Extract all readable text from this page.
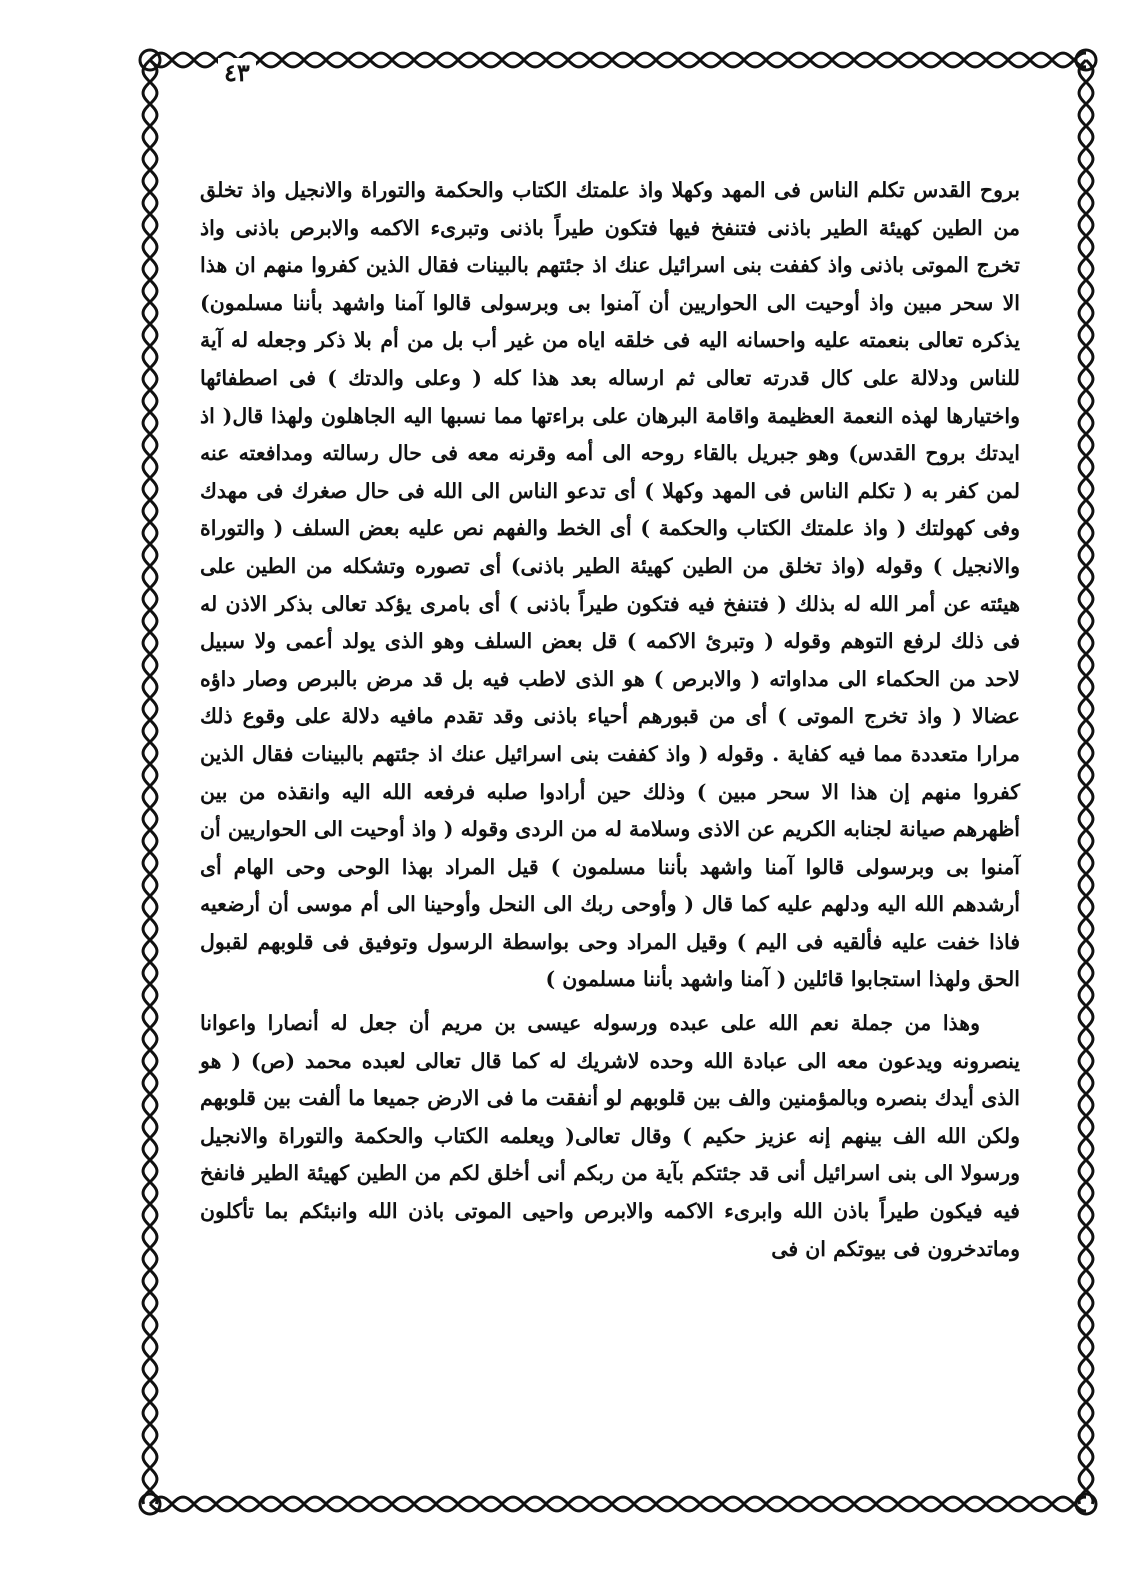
٤٣

بروح القدس تكلم الناس فى المهد وكهلا واذ علمتك الكتاب والحكمة والتوراة والانجيل واذ تخلق من الطين كهيئة الطير باذنى فتنفخ فيها فتكون طيراً باذنى وتبرىء الاكمه والابرص باذنى واذ تخرج الموتى باذنى واذ كففت بنى اسرائيل عنك اذ جئتهم بالبينات فقال الذين كفروا منهم ان هذا الا سحر مبين واذ أوحيت الى الحواريين أن آمنوا بى وبرسولى قالوا آمنا واشهد بأننا مسلمون) يذكره تعالى بنعمته عليه واحسانه اليه فى خلقه اياه من غير أب بل من أم بلا ذكر وجعله له آية للناس ودلالة على كال قدرته تعالى ثم ارساله بعد هذا كله ( وعلى والدتك ) فى اصطفائها واختيارها لهذه النعمة العظيمة واقامة البرهان على براءتها مما نسبها اليه الجاهلون ولهذا قال( اذ ايدتك بروح القدس) وهو جبريل بالقاء روحه الى أمه وقرنه معه فى حال رسالته ومدافعته عنه لمن كفر به ( تكلم الناس فى المهد وكهلا ) أى تدعو الناس الى الله فى حال صغرك فى مهدك وفى كهولتك ( واذ علمتك الكتاب والحكمة ) أى الخط والفهم نص عليه بعض السلف ( والتوراة والانجيل ) وقوله (واذ تخلق من الطين كهيئة الطير باذنى) أى تصوره وتشكله من الطين على هيئته عن أمر الله له بذلك ( فتنفخ فيه فتكون طيراً باذنى ) أى بامرى يؤكد تعالى بذكر الاذن له فى ذلك لرفع التوهم وقوله ( وتبرئ الاكمه ) قل بعض السلف وهو الذى يولد أعمى ولا سبيل لاحد من الحكماء الى مداواته ( والابرص ) هو الذى لاطب فيه بل قد مرض بالبرص وصار داؤه عضالا ( واذ تخرج الموتى ) أى من قبورهم أحياء باذنى وقد تقدم مافيه دلالة على وقوع ذلك مرارا متعددة مما فيه كفاية . وقوله ( واذ كففت بنى اسرائيل عنك اذ جئتهم بالبينات فقال الذين كفروا منهم إن هذا الا سحر مبين ) وذلك حين أرادوا صلبه فرفعه الله اليه وانقذه من بين أظهرهم صيانة لجنابه الكريم عن الاذى وسلامة له من الردى وقوله ( واذ أوحيت الى الحواريين أن آمنوا بى وبرسولى قالوا آمنا واشهد بأننا مسلمون ) قيل المراد بهذا الوحى وحى الهام أى أرشدهم الله اليه ودلهم عليه كما قال ( وأوحى ربك الى النحل وأوحينا الى أم موسى أن أرضعيه فاذا خفت عليه فألقيه فى اليم ) وقيل المراد وحى بواسطة الرسول وتوفيق فى قلوبهم لقبول الحق ولهذا استجابوا قائلين ( آمنا واشهد بأننا مسلمون )

وهذا من جملة نعم الله على عبده ورسوله عيسى بن مريم أن جعل له أنصارا واعوانا ينصرونه ويدعون معه الى عبادة الله وحده لاشريك له كما قال تعالى لعبده محمد (ص) ( هو الذى أيدك بنصره وبالمؤمنين والف بين قلوبهم لو أنفقت ما فى الارض جميعا ما ألفت بين قلوبهم ولكن الله الف بينهم إنه عزيز حكيم ) وقال تعالى( ويعلمه الكتاب والحكمة والتوراة والانجيل ورسولا الى بنى اسرائيل أنى قد جئتكم بآية من ربكم أنى أخلق لكم من الطين كهيئة الطير فانفخ فيه فيكون طيراً باذن الله وابرىء الاكمه والابرص واحيى الموتى باذن الله وانبئكم بما تأكلون وماتدخرون فى بيوتكم ان فى
